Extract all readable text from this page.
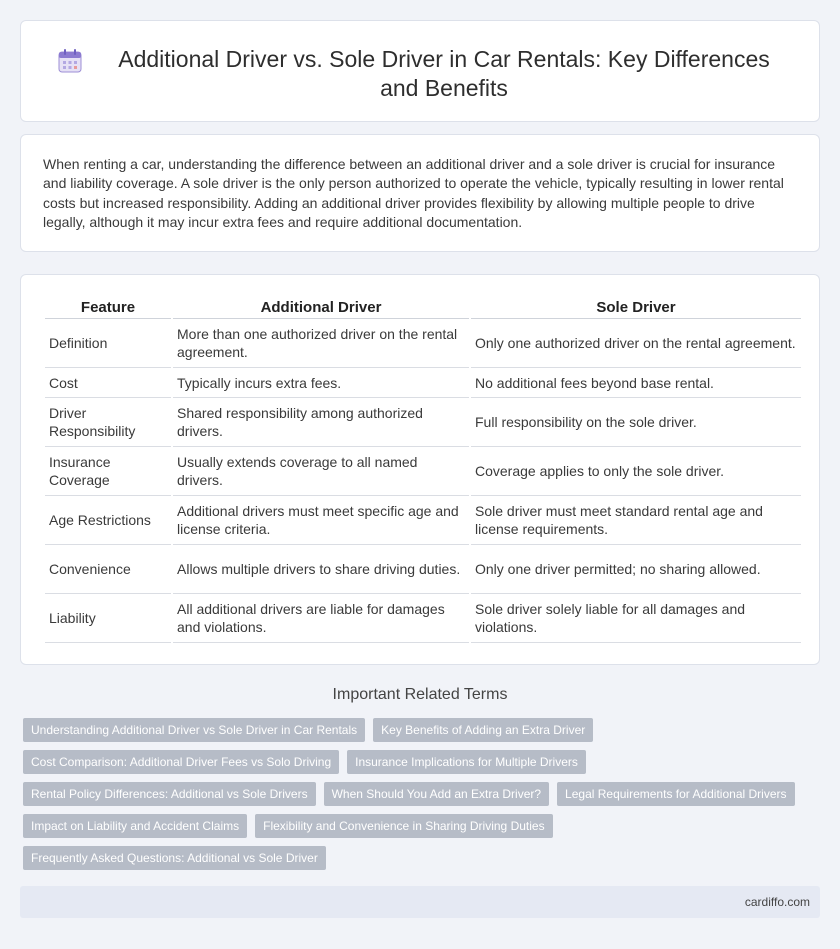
Additional Driver vs. Sole Driver in Car Rentals: Key Differences and Benefits

When renting a car, understanding the difference between an additional driver and a sole driver is crucial for insurance and liability coverage. A sole driver is the only person authorized to operate the vehicle, typically resulting in lower rental costs but increased responsibility. Adding an additional driver provides flexibility by allowing multiple people to drive legally, although it may incur extra fees and require additional documentation.

Feature	Additional Driver	Sole Driver
Definition	More than one authorized driver on the rental agreement.	Only one authorized driver on the rental agreement.
Cost	Typically incurs extra fees.	No additional fees beyond base rental.
Driver Responsibility	Shared responsibility among authorized drivers.	Full responsibility on the sole driver.
Insurance Coverage	Usually extends coverage to all named drivers.	Coverage applies to only the sole driver.
Age Restrictions	Additional drivers must meet specific age and license criteria.	Sole driver must meet standard rental age and license requirements.
Convenience	Allows multiple drivers to share driving duties.	Only one driver permitted; no sharing allowed.
Liability	All additional drivers are liable for damages and violations.	Sole driver solely liable for all damages and violations.
Important Related Terms
Understanding Additional Driver vs Sole Driver in Car Rentals	Key Benefits of Adding an Extra Driver
Cost Comparison: Additional Driver Fees vs Solo Driving	Insurance Implications for Multiple Drivers
Rental Policy Differences: Additional vs Sole Drivers	When Should You Add an Extra Driver?	Legal Requirements for Additional Drivers
Impact on Liability and Accident Claims	Flexibility and Convenience in Sharing Driving Duties
Frequently Asked Questions: Additional vs Sole Driver
cardiffo.com
